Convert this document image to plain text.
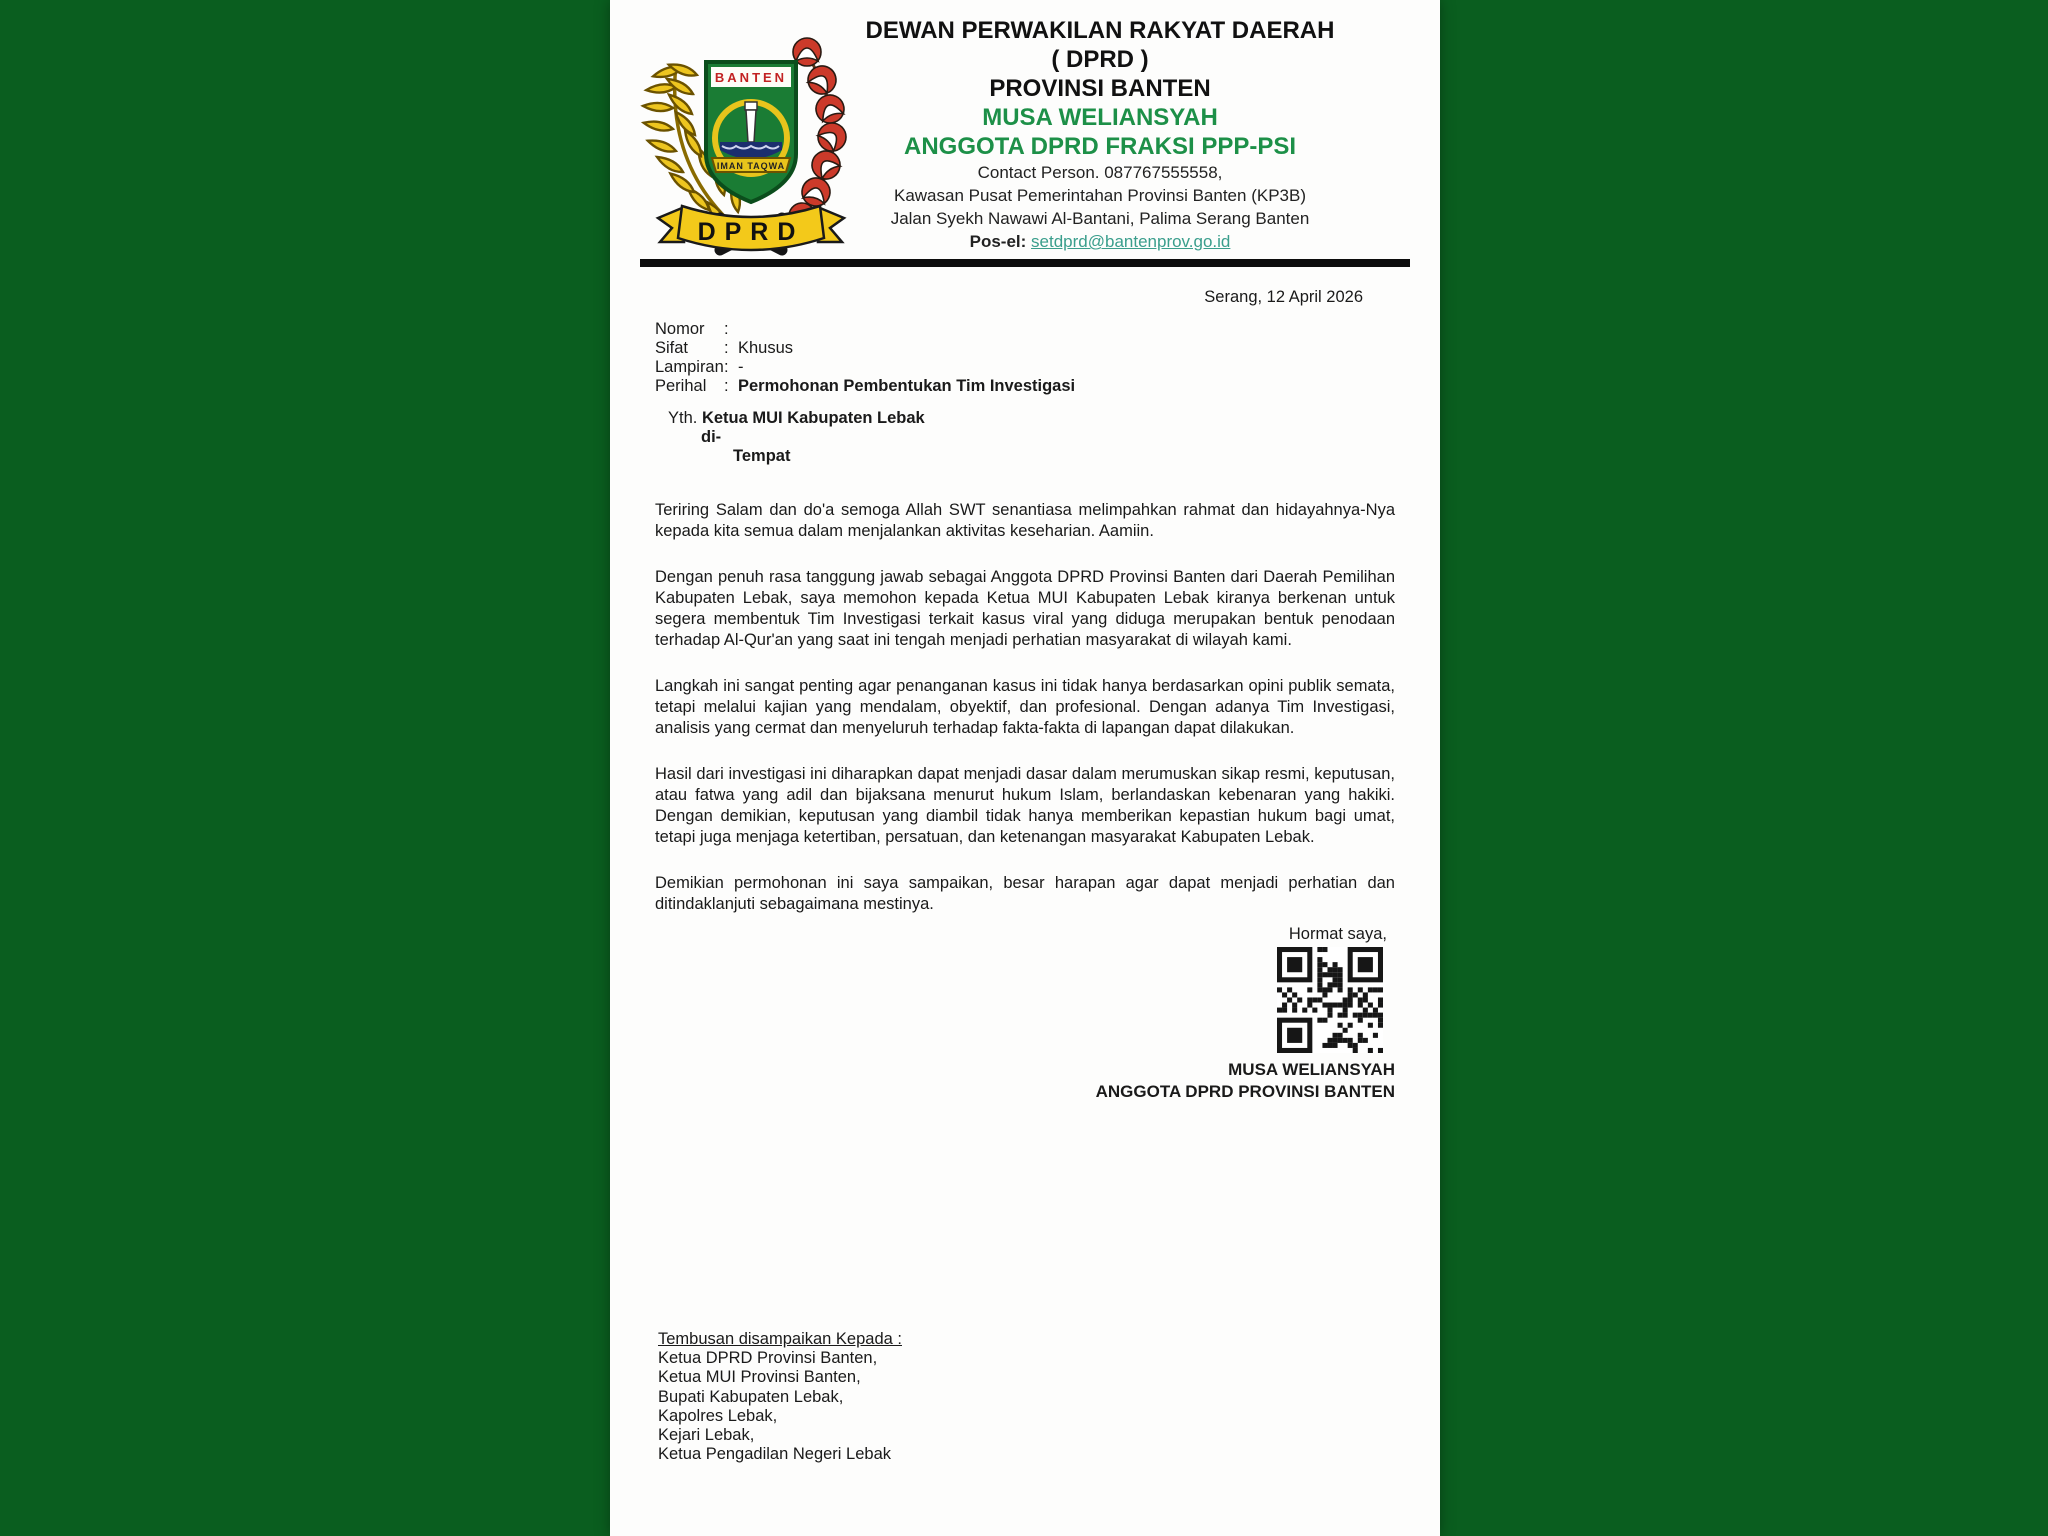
BANTEN
IMAN TAQWA
DPRD
DEWAN PERWAKILAN RAKYAT DAERAH
( DPRD )
PROVINSI BANTEN
MUSA WELIANSYAH
ANGGOTA DPRD FRAKSI PPP-PSI
Contact Person. 087767555558,
Kawasan Pusat Pemerintahan Provinsi Banten (KP3B)
Jalan Syekh Nawawi Al-Bantani, Palima Serang Banten
Pos-el: setdprd@bantenprov.go.id
Serang, 12 April 2026
Nomor	:
Sifat	: Khusus
Lampiran : -
Perihal	: Permohonan Pembentukan Tim Investigasi
Yth. Ketua MUI Kabupaten Lebak
di-
Tempat

Teriring Salam dan do'a semoga Allah SWT senantiasa melimpahkan rahmat dan hidayahnya-Nya kepada kita semua dalam menjalankan aktivitas keseharian. Aamiin.

Dengan penuh rasa tanggung jawab sebagai Anggota DPRD Provinsi Banten dari Daerah Pemilihan Kabupaten Lebak, saya memohon kepada Ketua MUI Kabupaten Lebak kiranya berkenan untuk segera membentuk Tim Investigasi terkait kasus viral yang diduga merupakan bentuk penodaan terhadap Al-Qur'an yang saat ini tengah menjadi perhatian masyarakat di wilayah kami.

Langkah ini sangat penting agar penanganan kasus ini tidak hanya berdasarkan opini publik semata, tetapi melalui kajian yang mendalam, obyektif, dan profesional. Dengan adanya Tim Investigasi, analisis yang cermat dan menyeluruh terhadap fakta-fakta di lapangan dapat dilakukan.

Hasil dari investigasi ini diharapkan dapat menjadi dasar dalam merumuskan sikap resmi, keputusan, atau fatwa yang adil dan bijaksana menurut hukum Islam, berlandaskan kebenaran yang hakiki. Dengan demikian, keputusan yang diambil tidak hanya memberikan kepastian hukum bagi umat, tetapi juga menjaga ketertiban, persatuan, dan ketenangan masyarakat Kabupaten Lebak.

Demikian permohonan ini saya sampaikan, besar harapan agar dapat menjadi perhatian dan ditindaklanjuti sebagaimana mestinya.

Hormat saya,
MUSA WELIANSYAH
ANGGOTA DPRD PROVINSI BANTEN
Tembusan disampaikan Kepada :
Ketua DPRD Provinsi Banten,
Ketua MUI Provinsi Banten,
Bupati Kabupaten Lebak,
Kapolres Lebak,
Kejari Lebak,
Ketua Pengadilan Negeri Lebak
